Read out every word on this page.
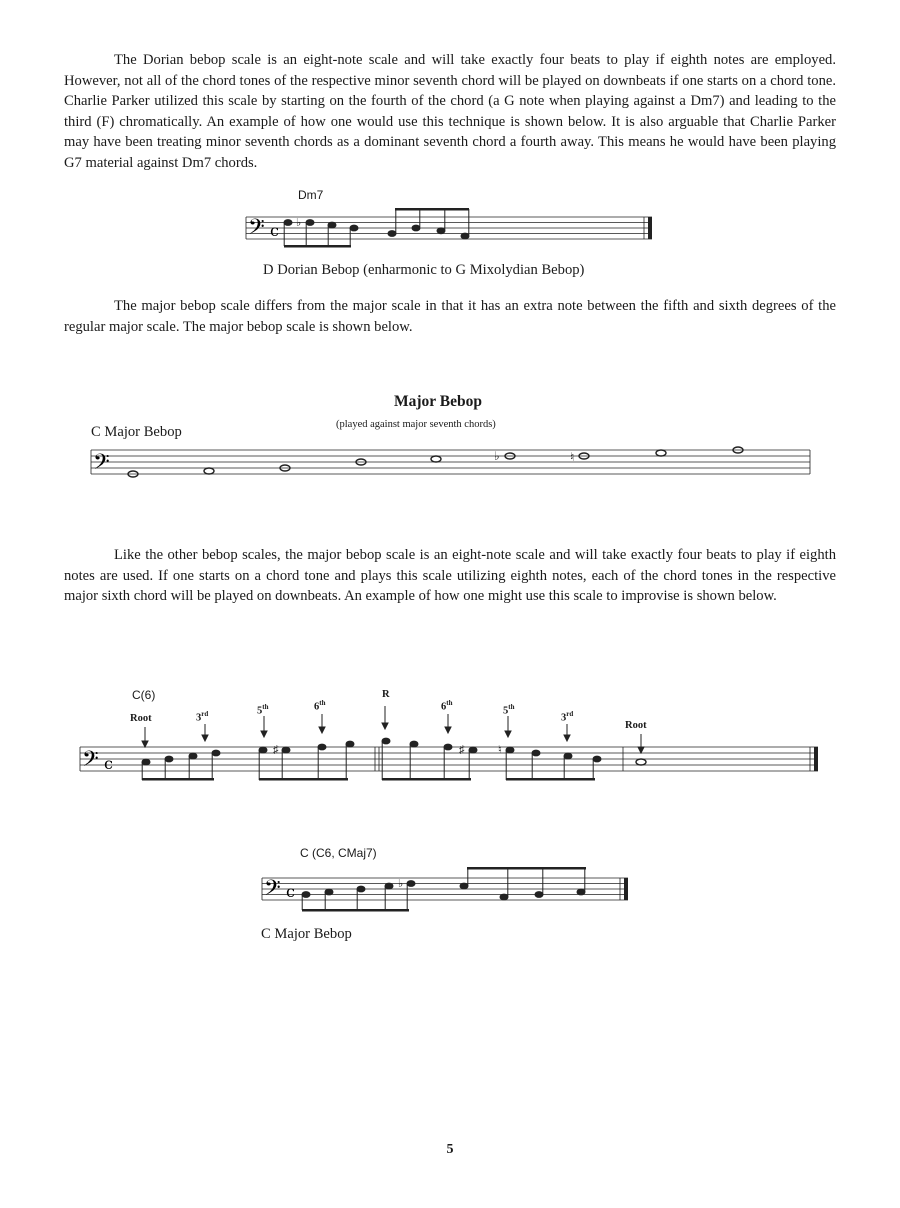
The Dorian bebop scale is an eight-note scale and will take exactly four beats to play if eighth notes are employed. However, not all of the chord tones of the respective minor seventh chord will be played on downbeats if one starts on a chord tone. Charlie Parker utilized this scale by starting on the fourth of the chord (a G note when playing against a Dm7) and leading to the third (F) chromatically. An example of how one would use this technique is shown below. It is also arguable that Charlie Parker may have been treating minor seventh chords as a dominant seventh chord a fourth away. This means he would have been playing G7 material against Dm7 chords.

Dm7
𝄢 c ♭
D Dorian Bebop (enharmonic to G Mixolydian Bebop)

The major bebop scale differs from the major scale in that it has an extra note between the fifth and sixth degrees of the regular major scale. The major bebop scale is shown below.

Major Bebop
(played against major seventh chords)
C Major Bebop
𝄢	♭	♮

Like the other bebop scales, the major bebop scale is an eight-note scale and will take exactly four beats to play if eighth notes are used. If one starts on a chord tone and plays this scale utilizing eighth notes, each of the chord tones in the respective major sixth chord will be played on downbeats. An example of how one might use this scale to improvise is shown below.

C(6)
Root	3rd	5th	6th
R
6th
5th
3rd
Root
𝄢 c
♯	♯	♮
C (C6, CMaj7)
𝄢 c	♭
C Major Bebop
5
